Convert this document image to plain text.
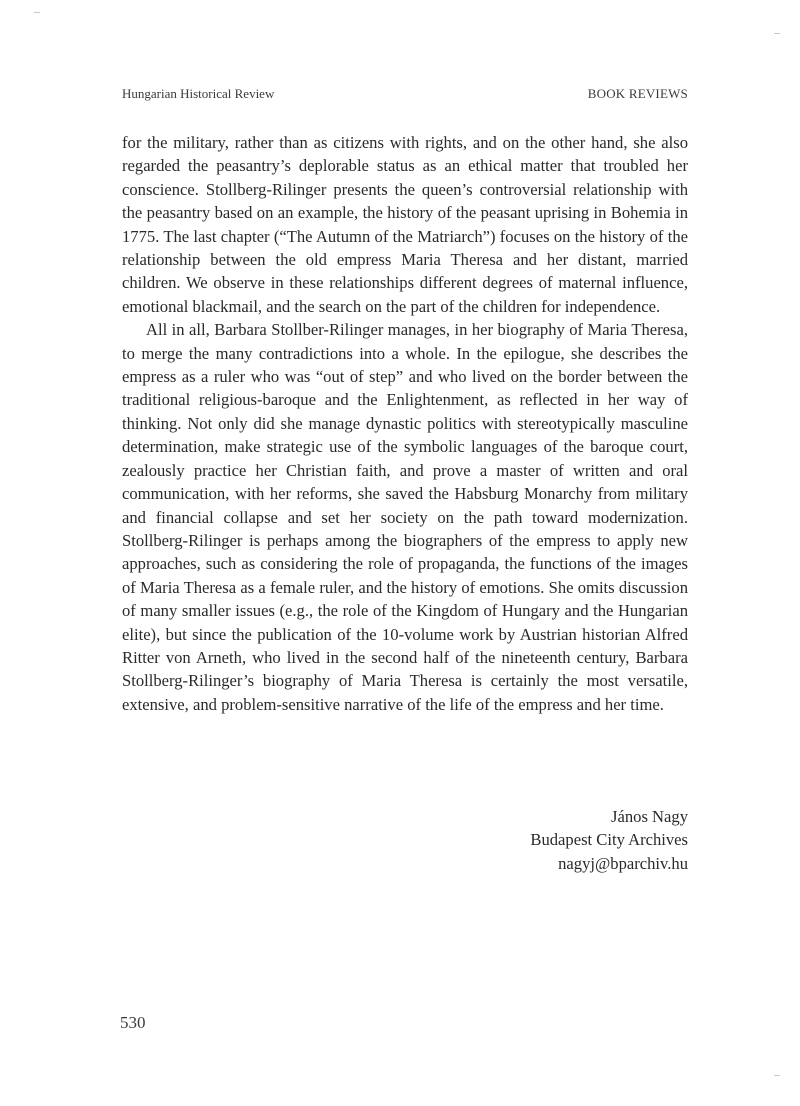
Hungarian Historical Review	BOOK REVIEWS

for the military, rather than as citizens with rights, and on the other hand, she also regarded the peasantry’s deplorable status as an ethical matter that troubled her conscience. Stollberg-Rilinger presents the queen’s controversial relationship with the peasantry based on an example, the history of the peasant uprising in Bohemia in 1775. The last chapter (“The Autumn of the Matriarch”) focuses on the history of the relationship between the old empress Maria Theresa and her distant, married children. We observe in these relationships different degrees of maternal influence, emotional blackmail, and the search on the part of the children for independence.

All in all, Barbara Stollber-Rilinger manages, in her biography of Maria Theresa, to merge the many contradictions into a whole. In the epilogue, she describes the empress as a ruler who was “out of step” and who lived on the border between the traditional religious-baroque and the Enlightenment, as reflected in her way of thinking. Not only did she manage dynastic politics with stereotypically masculine determination, make strategic use of the symbolic languages of the baroque court, zealously practice her Christian faith, and prove a master of written and oral communication, with her reforms, she saved the Habsburg Monarchy from military and financial collapse and set her society on the path toward modernization. Stollberg-Rilinger is perhaps among the biographers of the empress to apply new approaches, such as considering the role of propaganda, the functions of the images of Maria Theresa as a female ruler, and the history of emotions. She omits discussion of many smaller issues (e.g., the role of the Kingdom of Hungary and the Hungarian elite), but since the publication of the 10-volume work by Austrian historian Alfred Ritter von Arneth, who lived in the second half of the nineteenth century, Barbara Stollberg-Rilinger’s biography of Maria Theresa is certainly the most versatile, extensive, and problem-sensitive narrative of the life of the empress and her time.

János Nagy
Budapest City Archives
nagyj@bparchiv.hu
530
